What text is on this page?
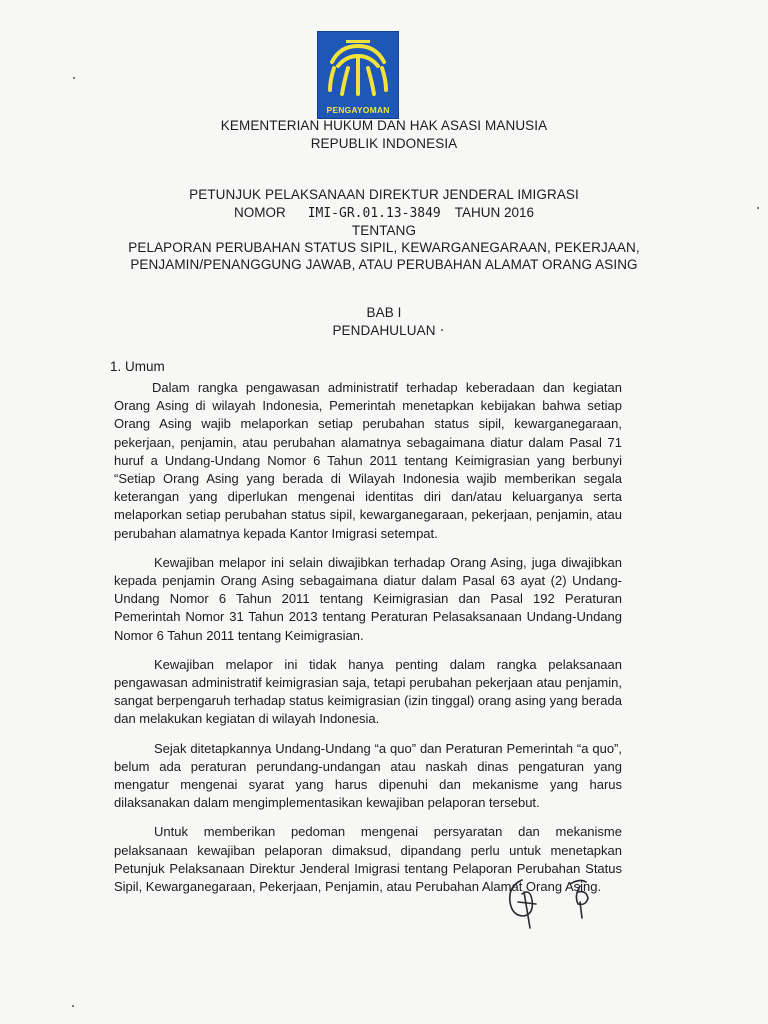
PENGAYOMAN
KEMENTERIAN HUKUM DAN HAK ASASI MANUSIA
REPUBLIK INDONESIA
PETUNJUK PELAKSANAAN DIREKTUR JENDERAL IMIGRASI
NOMOR IMI-GR.01.13-3849 TAHUN 2016
TENTANG
PELAPORAN PERUBAHAN STATUS SIPIL, KEWARGANEGARAAN, PEKERJAAN,
PENJAMIN/PENANGGUNG JAWAB, ATAU PERUBAHAN ALAMAT ORANG ASING
BAB I
PENDAHULUAN
1. Umum

Dalam rangka pengawasan administratif terhadap keberadaan dan kegiatan Orang Asing di wilayah Indonesia, Pemerintah menetapkan kebijakan bahwa setiap Orang Asing wajib melaporkan setiap perubahan status sipil, kewarganegaraan, pekerjaan, penjamin, atau perubahan alamatnya sebagaimana diatur dalam Pasal 71 huruf a Undang-Undang Nomor 6 Tahun 2011 tentang Keimigrasian yang berbunyi “Setiap Orang Asing yang berada di Wilayah Indonesia wajib memberikan segala keterangan yang diperlukan mengenai identitas diri dan/atau keluarganya serta melaporkan setiap perubahan status sipil, kewarganegaraan, pekerjaan, penjamin, atau perubahan alamatnya kepada Kantor Imigrasi setempat.

Kewajiban melapor ini selain diwajibkan terhadap Orang Asing, juga diwajibkan kepada penjamin Orang Asing sebagaimana diatur dalam Pasal 63 ayat (2) Undang-Undang Nomor 6 Tahun 2011 tentang Keimigrasian dan Pasal 192 Peraturan Pemerintah Nomor 31 Tahun 2013 tentang Peraturan Pelasaksanaan Undang-Undang Nomor 6 Tahun 2011 tentang Keimigrasian.

Kewajiban melapor ini tidak hanya penting dalam rangka pelaksanaan pengawasan administratif keimigrasian saja, tetapi perubahan pekerjaan atau penjamin, sangat berpengaruh terhadap status keimigrasian (izin tinggal) orang asing yang berada dan melakukan kegiatan di wilayah Indonesia.

Sejak ditetapkannya Undang-Undang “a quo” dan Peraturan Pemerintah “a quo”, belum ada peraturan perundang-undangan atau naskah dinas pengaturan yang mengatur mengenai syarat yang harus dipenuhi dan mekanisme yang harus dilaksanakan dalam mengimplementasikan kewajiban pelaporan tersebut.

Untuk memberikan pedoman mengenai persyaratan dan mekanisme pelaksanaan kewajiban pelaporan dimaksud, dipandang perlu untuk menetapkan Petunjuk Pelaksanaan Direktur Jenderal Imigrasi tentang Pelaporan Perubahan Status Sipil, Kewarganegaraan, Pekerjaan, Penjamin, atau Perubahan Alamat Orang Asing.
